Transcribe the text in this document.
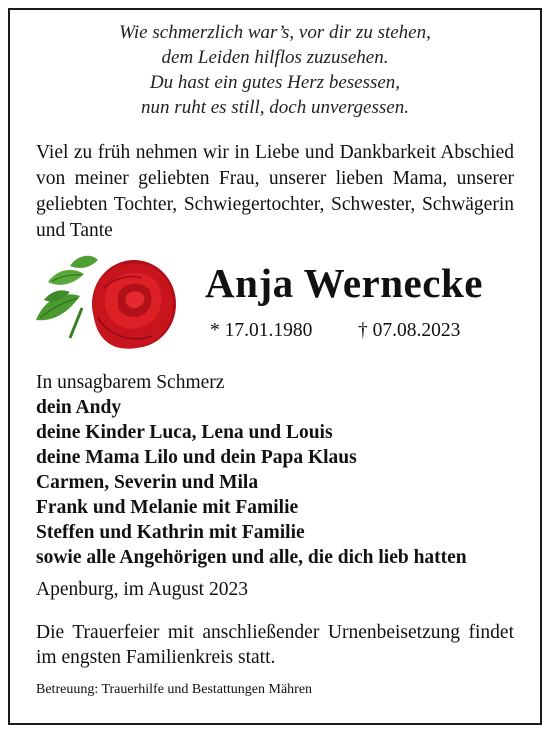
Wie schmerzlich war’s, vor dir zu stehen,
dem Leiden hilflos zuzusehen.
Du hast ein gutes Herz besessen,
nun ruht es still, doch unvergessen.
Viel zu früh nehmen wir in Liebe und Dankbarkeit Abschied von meiner geliebten Frau, unserer lieben Mama, unserer geliebten Tochter, Schwiegertochter, Schwester, Schwägerin und Tante
Anja Wernecke
* 17.01.1980 † 07.08.2023
In unsagbarem Schmerz
dein Andy
deine Kinder Luca, Lena und Louis
deine Mama Lilo und dein Papa Klaus
Carmen, Severin und Mila
Frank und Melanie mit Familie
Steffen und Kathrin mit Familie
sowie alle Angehörigen und alle, die dich lieb hatten
Apenburg, im August 2023
Die Trauerfeier mit anschließender Urnenbeisetzung findet im engsten Familienkreis statt.
Betreuung: Trauerhilfe und Bestattungen Mähren
